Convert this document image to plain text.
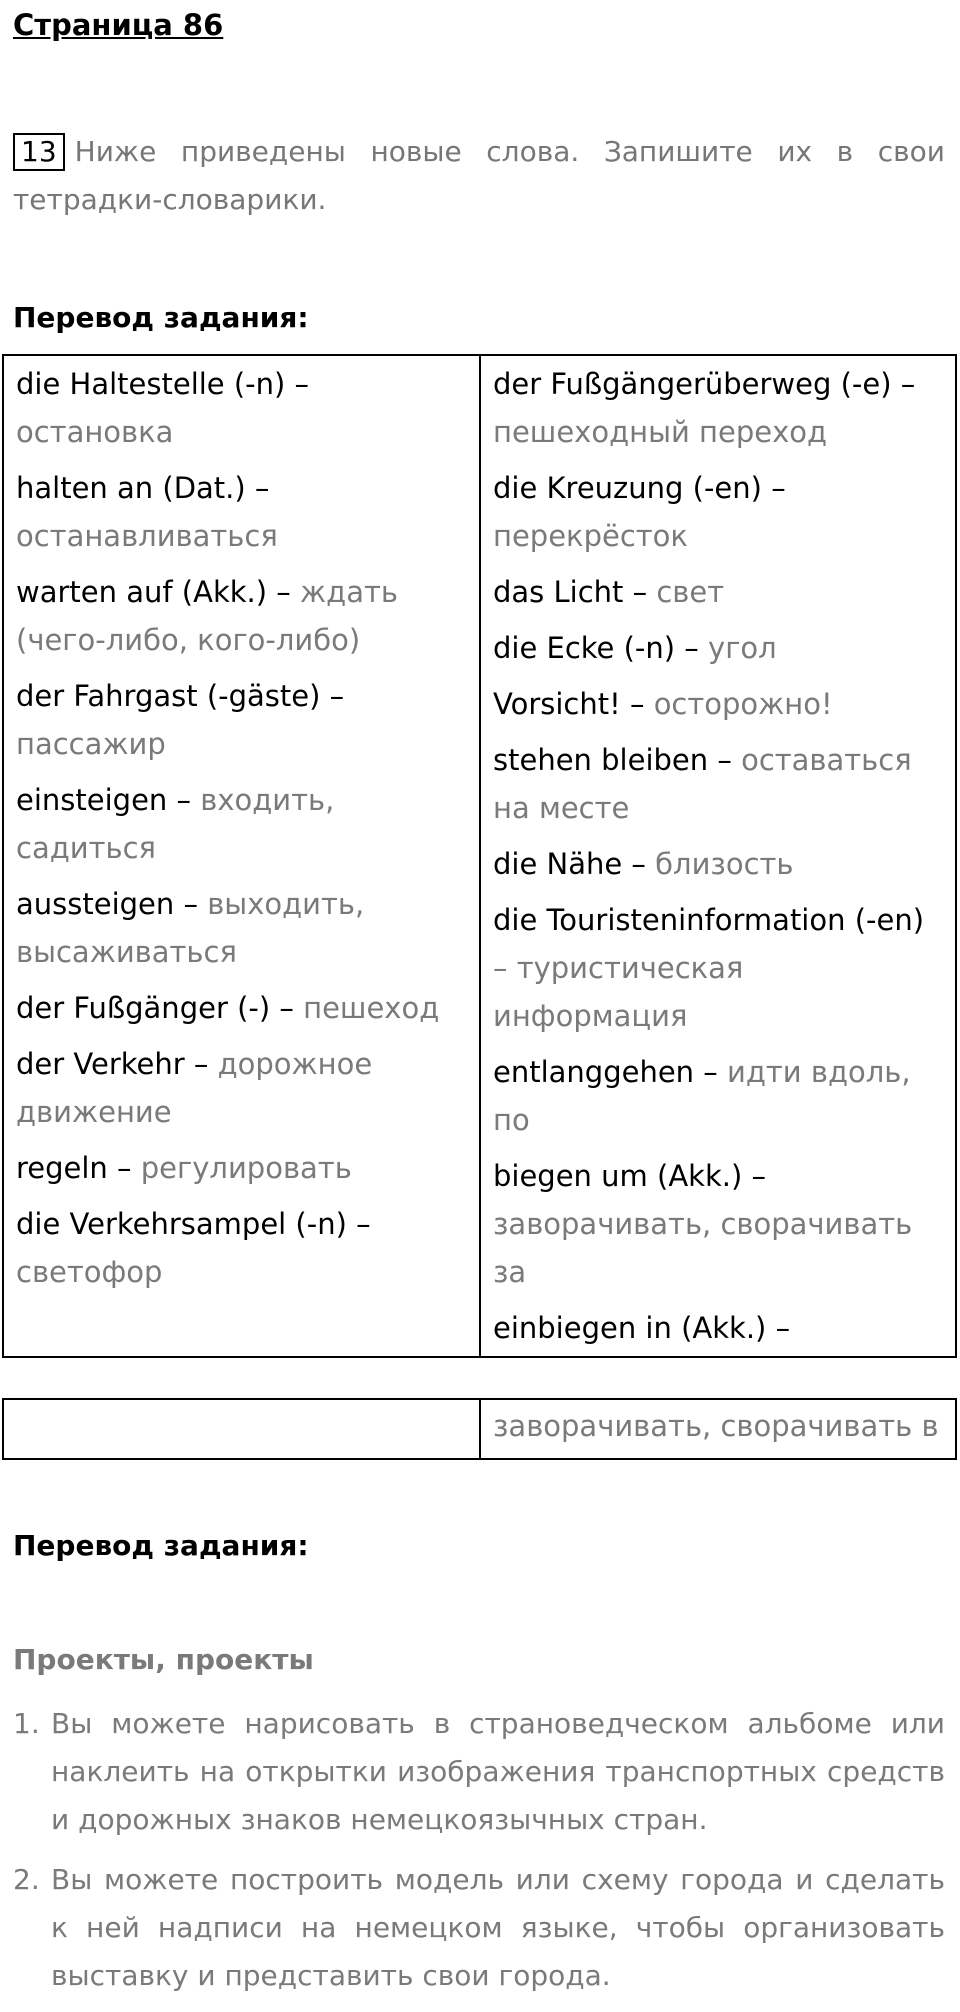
Страница 86
13 Ниже приведены новые слова. Запишите их в свои
тетрадки-словарики.
Перевод задания:
die Haltestelle (-n) – остановка
halten an (Dat.) – останавливаться
warten auf (Akk.) – ждать (чего-либо, кого-либо)
der Fahrgast (-gäste) – пассажир
einsteigen – входить, садиться
aussteigen – выходить, высаживаться
der Fußgänger (-) – пешеход
der Verkehr – дорожное движение
regeln – регулировать
die Verkehrsampel (-n) – светофор

der Fußgängerüberweg (-e) – пешеходный переход
die Kreuzung (-en) – перекрёсток
das Licht – свет
die Ecke (-n) – угол
Vorsicht! – осторожно!
stehen bleiben – оставаться на месте
die Nähe – близость
die Touristeninformation (-en) – туристическая информация
entlanggehen – идти вдоль, по
biegen um (Akk.) – заворачивать, сворачивать за
einbiegen in (Akk.) –
	заворачивать, сворачивать в
Перевод задания:
Проекты, проекты
1. Вы можете нарисовать в страноведческом альбоме или наклеить на открытки изображения транспортных средств и дорожных знаков немецкоязычных стран.
2. Вы можете построить модель или схему города и сделать к ней надписи на немецком языке, чтобы организовать выставку и представить свои города.
